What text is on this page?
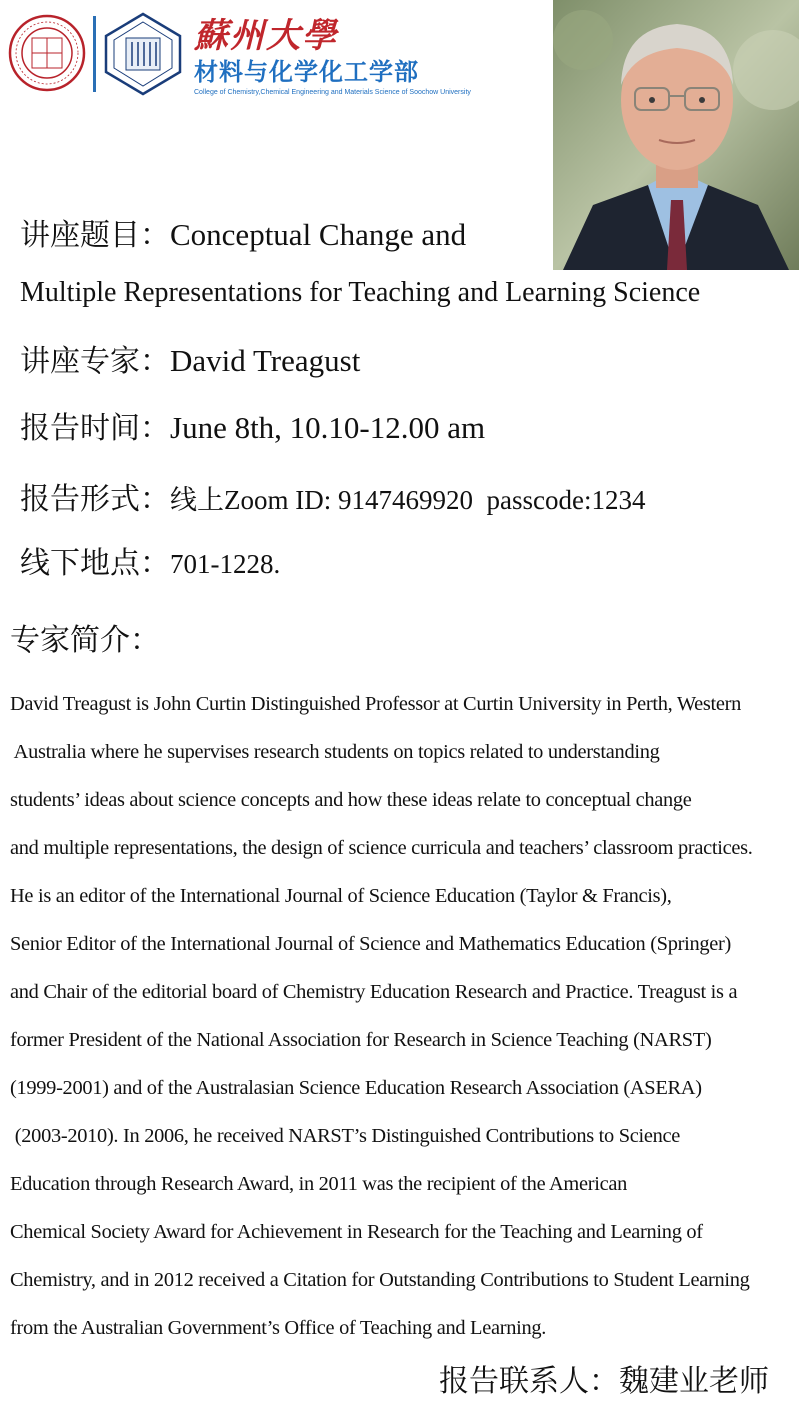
蘇州大學
材料与化学化工学部
College of Chemistry,Chemical Engineering and Materials Science of Soochow University
讲座题目：Conceptual Change and
Multiple Representations for Teaching and Learning Science
讲座专家：David Treagust
报告时间：June 8th, 10.10-12.00 am
报告形式：线上Zoom ID: 9147469920  passcode:1234
线下地点：701-1228.
专家简介：
David Treagust is John Curtin Distinguished Professor at Curtin University in Perth, Western
Australia where he supervises research students on topics related to understanding
students’ ideas about science concepts and how these ideas relate to conceptual change
and multiple representations, the design of science curricula and teachers’ classroom practices.
He is an editor of the International Journal of Science Education (Taylor & Francis),
Senior Editor of the International Journal of Science and Mathematics Education (Springer)
and Chair of the editorial board of Chemistry Education Research and Practice. Treagust is a
former President of the National Association for Research in Science Teaching (NARST)
(1999-2001) and of the Australasian Science Education Research Association (ASERA)
(2003-2010). In 2006, he received NARST’s Distinguished Contributions to Science
Education through Research Award, in 2011 was the recipient of the American
Chemical Society Award for Achievement in Research for the Teaching and Learning of
Chemistry, and in 2012 received a Citation for Outstanding Contributions to Student Learning
from the Australian Government’s Office of Teaching and Learning.
报告联系人：魏建业老师
